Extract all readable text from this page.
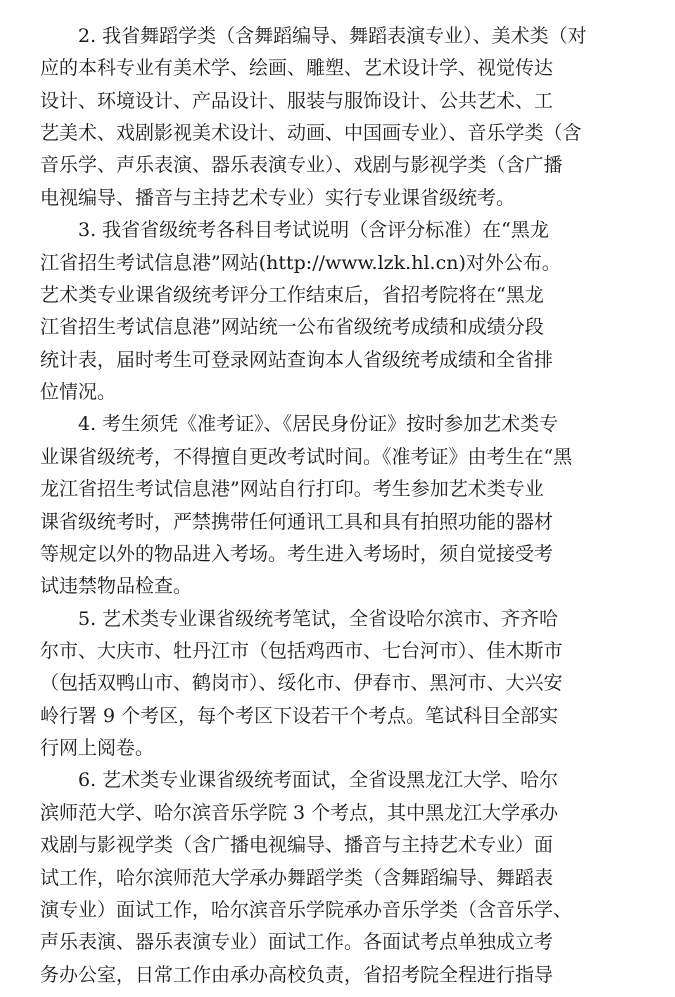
2. 我省舞蹈学类（含舞蹈编导、舞蹈表演专业）、美术类（对
应的本科专业有美术学、绘画、雕塑、艺术设计学、视觉传达
设计、环境设计、产品设计、服装与服饰设计、公共艺术、工
艺美术、戏剧影视美术设计、动画、中国画专业）、音乐学类（含
音乐学、声乐表演、器乐表演专业）、戏剧与影视学类（含广播
电视编导、播音与主持艺术专业）实行专业课省级统考。
3. 我省省级统考各科目考试说明（含评分标准）在“黑龙
江省招生考试信息港”网站(http://www.lzk.hl.cn)对外公布。
艺术类专业课省级统考评分工作结束后，省招考院将在“黑龙
江省招生考试信息港”网站统一公布省级统考成绩和成绩分段
统计表，届时考生可登录网站查询本人省级统考成绩和全省排
位情况。
4. 考生须凭《准考证》、《居民身份证》按时参加艺术类专
业课省级统考，不得擅自更改考试时间。《准考证》由考生在“黑
龙江省招生考试信息港”网站自行打印。考生参加艺术类专业
课省级统考时，严禁携带任何通讯工具和具有拍照功能的器材
等规定以外的物品进入考场。考生进入考场时，须自觉接受考
试违禁物品检查。
5. 艺术类专业课省级统考笔试，全省设哈尔滨市、齐齐哈
尔市、大庆市、牡丹江市（包括鸡西市、七台河市）、佳木斯市
（包括双鸭山市、鹤岗市）、绥化市、伊春市、黑河市、大兴安
岭行署 9 个考区，每个考区下设若干个考点。笔试科目全部实
行网上阅卷。
6. 艺术类专业课省级统考面试，全省设黑龙江大学、哈尔
滨师范大学、哈尔滨音乐学院 3 个考点，其中黑龙江大学承办
戏剧与影视学类（含广播电视编导、播音与主持艺术专业）面
试工作，哈尔滨师范大学承办舞蹈学类（含舞蹈编导、舞蹈表
演专业）面试工作，哈尔滨音乐学院承办音乐学类（含音乐学、
声乐表演、器乐表演专业）面试工作。各面试考点单独成立考
务办公室，日常工作由承办高校负责，省招考院全程进行指导
